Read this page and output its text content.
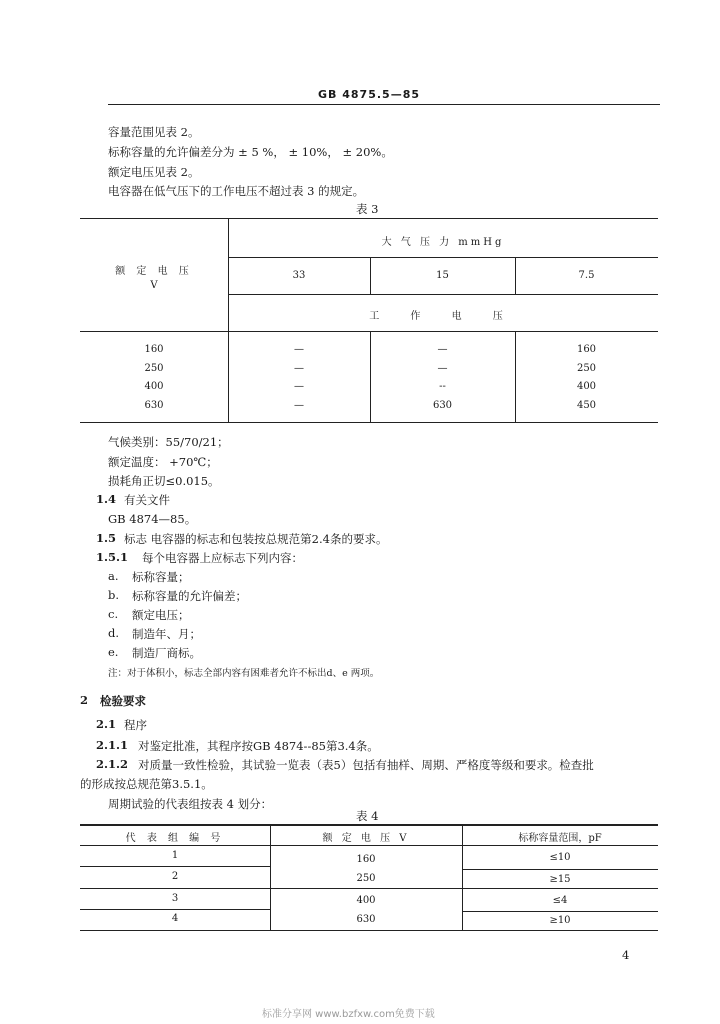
GB 4875.5—85
容量范围见表 2。
标称容量的允许偏差分为 ± 5 %， ± 10%， ± 20%。
额定电压见表 2。
电容器在低气压下的工作电压不超过表 3 的规定。
表 3
额 定 电 压
V
大 气 压 力 mmHg
33	15	7.5
工 作 电 压
160	—	—	160
250	—	—	250
400	—	--	400
630	—	630	450
气候类别：55/70/21；
额定温度： +70℃；
损耗角正切≤0.015。
1.4 有关文件
GB 4874—85。
1.5 标志 电容器的标志和包装按总规范第2.4条的要求。
1.5.1 每个电容器上应标志下列内容：
a. 标称容量；
b. 标称容量的允许偏差；
c. 额定电压；
d. 制造年、月；
e. 制造厂商标。
注：对于体积小，标志全部内容有困难者允许不标出d、e 两项。
2 检验要求
2.1 程序
2.1.1 对鉴定批准，其程序按GB 4874--85第3.4条。
2.1.2 对质量一致性检验，其试验一览表（表5）包括有抽样、周期、严格度等级和要求。检查批
的形成按总规范第3.5.1。
周期试验的代表组按表 4 划分：
表 4
代 表 组 编 号	额 定 电 压 V	标称容量范围，pF
1	160	≤10
2	250	≥15
3	400	≤4
4	630	≥10
4
标准分享网 www.bzfxw.com免费下载
